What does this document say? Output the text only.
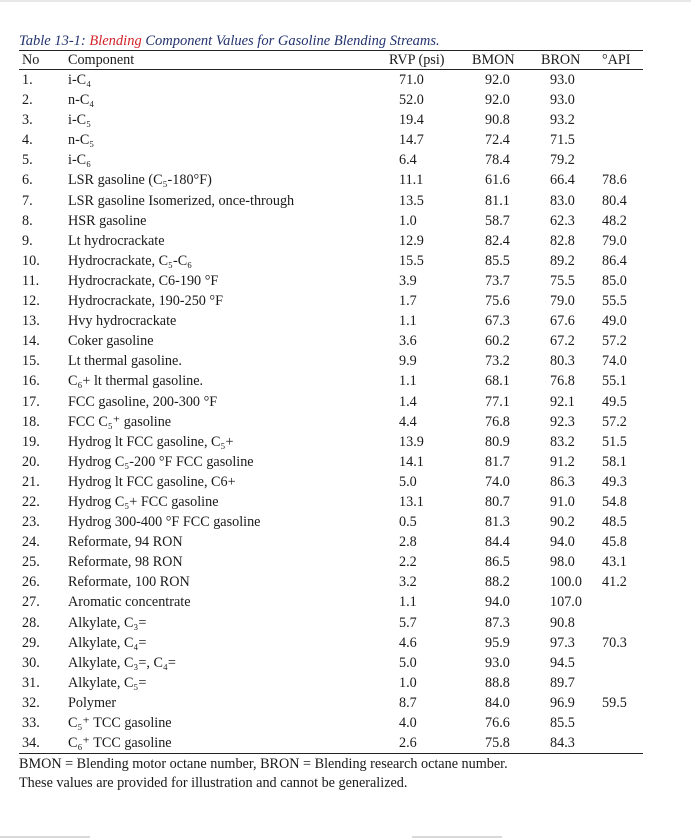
Table 13-1: Blending Component Values for Gasoline Blending Streams.
No	Component	RVP (psi)	BMON	BRON	°API
1.	i-C₄	71.0	92.0	93.0	
2.	n-C₄	52.0	92.0	93.0	
3.	i-C₅	19.4	90.8	93.2	
4.	n-C₅	14.7	72.4	71.5	
5.	i-C₆	6.4	78.4	79.2	
6.	LSR gasoline (C₅-180°F)	11.1	61.6	66.4	78.6
7.	LSR gasoline Isomerized, once-through	13.5	81.1	83.0	80.4
8.	HSR gasoline	1.0	58.7	62.3	48.2
9.	Lt hydrocrackate	12.9	82.4	82.8	79.0
10.	Hydrocrackate, C₅-C₆	15.5	85.5	89.2	86.4
11.	Hydrocrackate, C6-190 °F	3.9	73.7	75.5	85.0
12.	Hydrocrackate, 190-250 °F	1.7	75.6	79.0	55.5
13.	Hvy hydrocrackate	1.1	67.3	67.6	49.0
14.	Coker gasoline	3.6	60.2	67.2	57.2
15.	Lt thermal gasoline.	9.9	73.2	80.3	74.0
16.	C₆+ lt thermal gasoline.	1.1	68.1	76.8	55.1
17.	FCC gasoline, 200-300 °F	1.4	77.1	92.1	49.5
18.	FCC C₅⁺ gasoline	4.4	76.8	92.3	57.2
19.	Hydrog lt FCC gasoline, C₅+	13.9	80.9	83.2	51.5
20.	Hydrog C₅-200 °F FCC gasoline	14.1	81.7	91.2	58.1
21.	Hydrog lt FCC gasoline, C6+	5.0	74.0	86.3	49.3
22.	Hydrog C₅+ FCC gasoline	13.1	80.7	91.0	54.8
23.	Hydrog 300-400 °F FCC gasoline	0.5	81.3	90.2	48.5
24.	Reformate, 94 RON	2.8	84.4	94.0	45.8
25.	Reformate, 98 RON	2.2	86.5	98.0	43.1
26.	Reformate, 100 RON	3.2	88.2	100.0	41.2
27.	Aromatic concentrate	1.1	94.0	107.0	
28.	Alkylate, C₃=	5.7	87.3	90.8	
29.	Alkylate, C₄=	4.6	95.9	97.3	70.3
30.	Alkylate, C₃=, C₄=	5.0	93.0	94.5	
31.	Alkylate, C₅=	1.0	88.8	89.7	
32.	Polymer	8.7	84.0	96.9	59.5
33.	C₅⁺ TCC gasoline	4.0	76.6	85.5	
34.	C₆⁺ TCC gasoline	2.6	75.8	84.3	
BMON = Blending motor octane number, BRON = Blending research octane number.
These values are provided for illustration and cannot be generalized.
